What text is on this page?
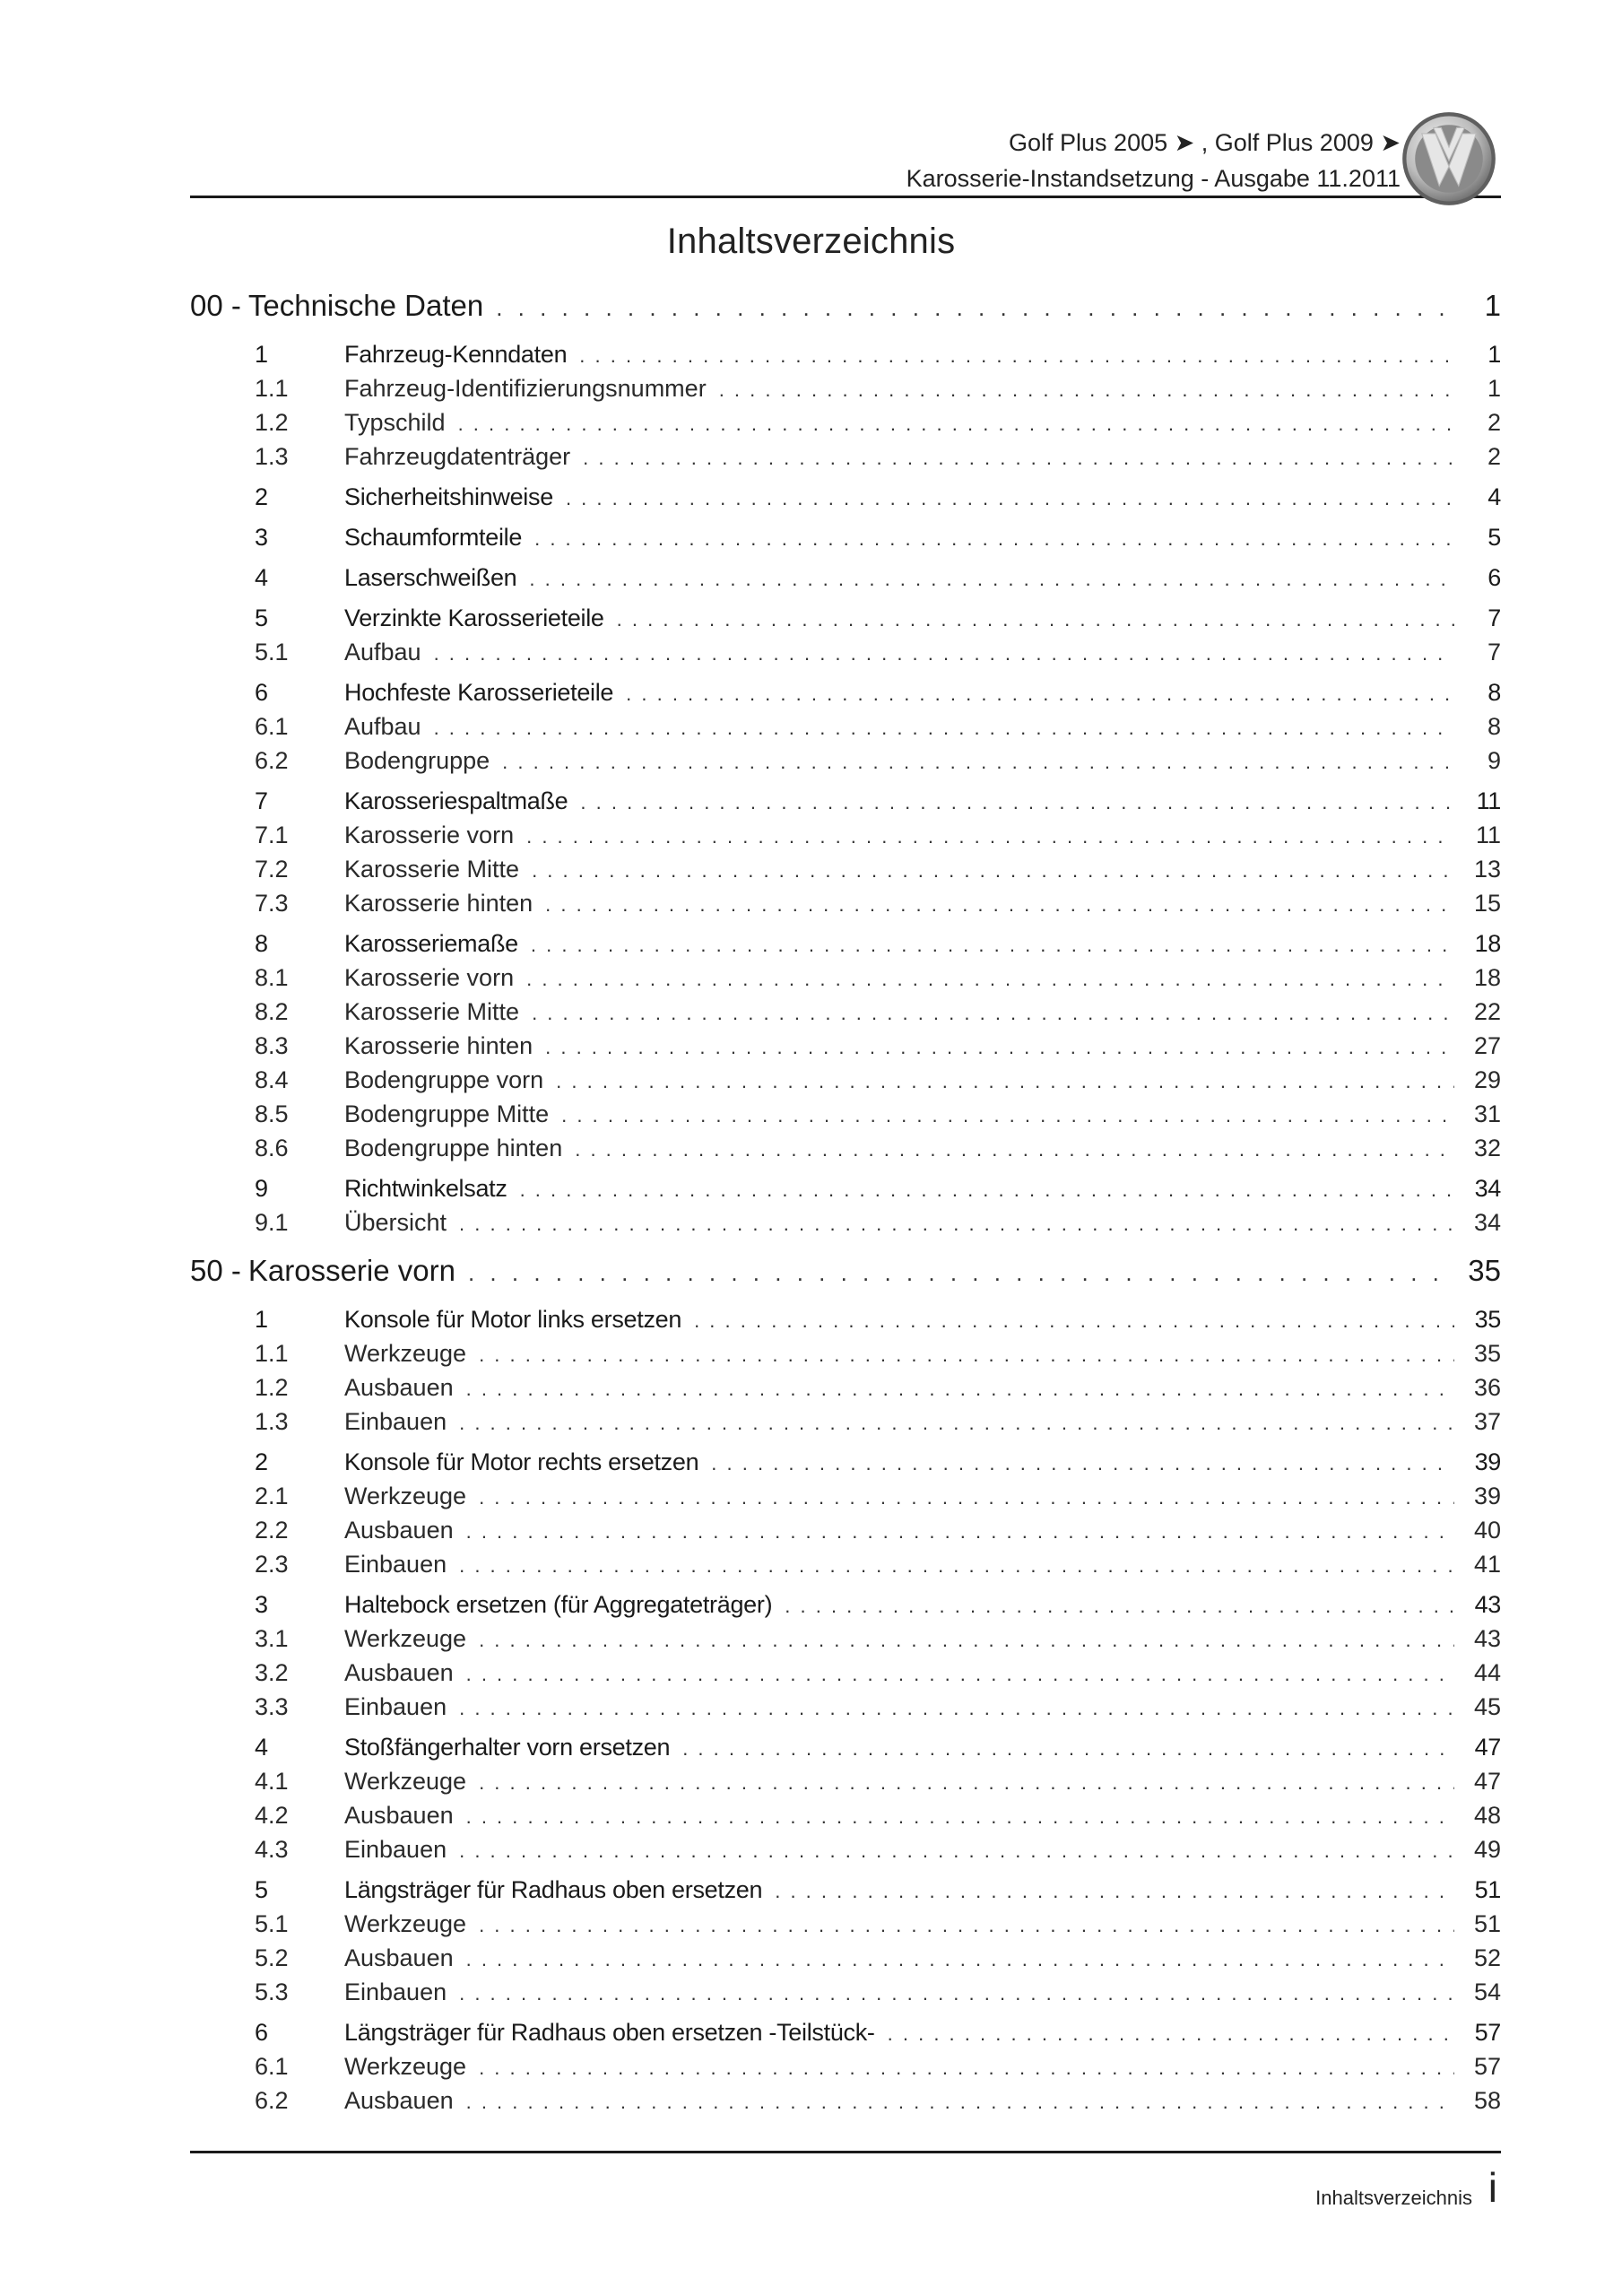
Golf Plus 2005 ➤ , Golf Plus 2009 ➤
Karosserie-Instandsetzung - Ausgabe 11.2011
Inhaltsverzeichnis
00 - Technische Daten . . .	1
1	Fahrzeug-Kenndaten . . .	1
1.1	Fahrzeug-Identifizierungsnummer . . .	1
1.2	Typschild . . .	2
1.3	Fahrzeugdatenträger . . .	2
2	Sicherheitshinweise . . .	4
3	Schaumformteile . . .	5
4	Laserschweißen . . .	6
5	Verzinkte Karosserieteile . . .	7
5.1	Aufbau . . .	7
6	Hochfeste Karosserieteile . . .	8
6.1	Aufbau . . .	8
6.2	Bodengruppe . . .	9
7	Karosseriespaltmaße . . .	11
7.1	Karosserie vorn . . .	11
7.2	Karosserie Mitte . . .	13
7.3	Karosserie hinten . . .	15
8	Karosseriemaße . . .	18
8.1	Karosserie vorn . . .	18
8.2	Karosserie Mitte . . .	22
8.3	Karosserie hinten . . .	27
8.4	Bodengruppe vorn . . .	29
8.5	Bodengruppe Mitte . . .	31
8.6	Bodengruppe hinten . . .	32
9	Richtwinkelsatz . . .	34
9.1	Übersicht . . .	34
50 - Karosserie vorn . . .	35
1	Konsole für Motor links ersetzen . . .	35
1.1	Werkzeuge . . .	35
1.2	Ausbauen . . .	36
1.3	Einbauen . . .	37
2	Konsole für Motor rechts ersetzen . . .	39
2.1	Werkzeuge . . .	39
2.2	Ausbauen . . .	40
2.3	Einbauen . . .	41
3	Haltebock ersetzen (für Aggregateträger) . . .	43
3.1	Werkzeuge . . .	43
3.2	Ausbauen . . .	44
3.3	Einbauen . . .	45
4	Stoßfängerhalter vorn ersetzen . . .	47
4.1	Werkzeuge . . .	47
4.2	Ausbauen . . .	48
4.3	Einbauen . . .	49
5	Längsträger für Radhaus oben ersetzen . . .	51
5.1	Werkzeuge . . .	51
5.2	Ausbauen . . .	52
5.3	Einbauen . . .	54
6	Längsträger für Radhaus oben ersetzen -Teilstück- . . .	57
6.1	Werkzeuge . . .	57
6.2	Ausbauen . . .	58
Inhaltsverzeichnis i
